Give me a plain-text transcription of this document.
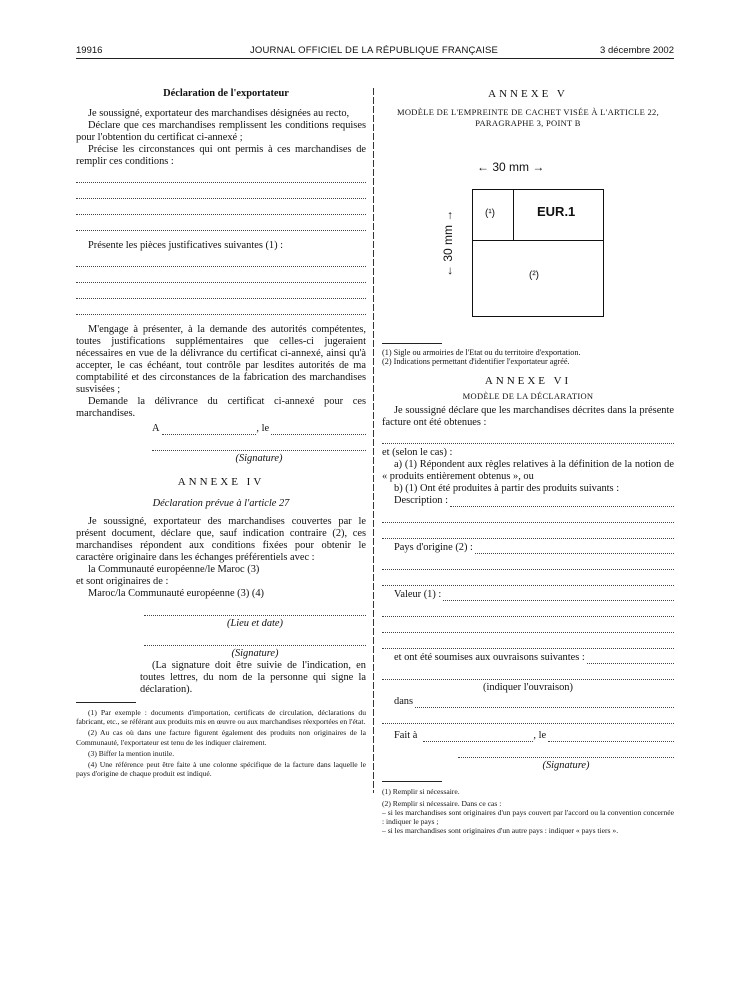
19916	JOURNAL OFFICIEL DE LA RÉPUBLIQUE FRANÇAISE	3 décembre 2002

Déclaration de l'exportateur

Je soussigné, exportateur des marchandises désignées au recto,

Déclare que ces marchandises remplissent les conditions requises pour l'obtention du certificat ci-annexé ;

Précise les circonstances qui ont permis à ces marchandises de remplir ces conditions :

Présente les pièces justificatives suivantes (1) :

M'engage à présenter, à la demande des autorités compétentes, toutes justifications supplémentaires que celles-ci jugeraient nécessaires en vue de la délivrance du certificat ci-annexé, ainsi qu'à accepter, le cas échéant, tout contrôle par lesdites autorités de ma comptabilité et des circonstances de la fabrication des marchandises susvisées ;

Demande la délivrance du certificat ci-annexé pour ces marchandises.

A	, le

(Signature)

ANNEXE IV

Déclaration prévue à l'article 27

Je soussigné, exportateur des marchandises couvertes par le présent document, déclare que, sauf indication contraire (2), ces marchandises répondent aux conditions fixées pour obtenir le caractère originaire dans les échanges préférentiels avec :

la Communauté européenne/le Maroc (3)

et sont originaires de :

Maroc/la Communauté européenne (3) (4)

(Lieu et date)

(Signature)

(La signature doit être suivie de l'indication, en toutes lettres, du nom de la personne qui signe la déclaration).

(1) Par exemple : documents d'importation, certificats de circulation, déclarations du fabricant, etc., se référant aux produits mis en œuvre ou aux marchandises réexportées en l'état.

(2) Au cas où dans une facture figurent également des produits non originaires de la Communauté, l'exportateur est tenu de les indiquer clairement.

(3) Biffer la mention inutile.

(4) Une référence peut être faite à une colonne spécifique de la facture dans laquelle le pays d'origine de chaque produit est indiqué.

ANNEXE V

MODÈLE DE L'EMPREINTE DE CACHET VISÉE À L'ARTICLE 22, PARAGRAPHE 3, POINT B

← 30 mm →
← 30 mm →	(¹)	EUR.1
(²)

(1) Sigle ou armoiries de l'Etat ou du territoire d'exportation.

(2) Indications permettant d'identifier l'exportateur agréé.

ANNEXE VI

MODÈLE DE LA DÉCLARATION

Je soussigné déclare que les marchandises décrites dans la présente facture ont été obtenues :

et (selon le cas) :

a) (1) Répondent aux règles relatives à la définition de la notion de « produits entièrement obtenus », ou

b) (1) Ont été produites à partir des produits suivants :

Description :
Pays d'origine (2) :
Valeur (1) :
et ont été soumises aux ouvraisons suivantes :

(indiquer l'ouvraison)

dans
Fait à	, le

(Signature)

(1) Remplir si nécessaire.

(2) Remplir si nécessaire. Dans ce cas :

– si les marchandises sont originaires d'un pays couvert par l'accord ou la convention concernée : indiquer le pays ;

– si les marchandises sont originaires d'un autre pays : indiquer « pays tiers ».
